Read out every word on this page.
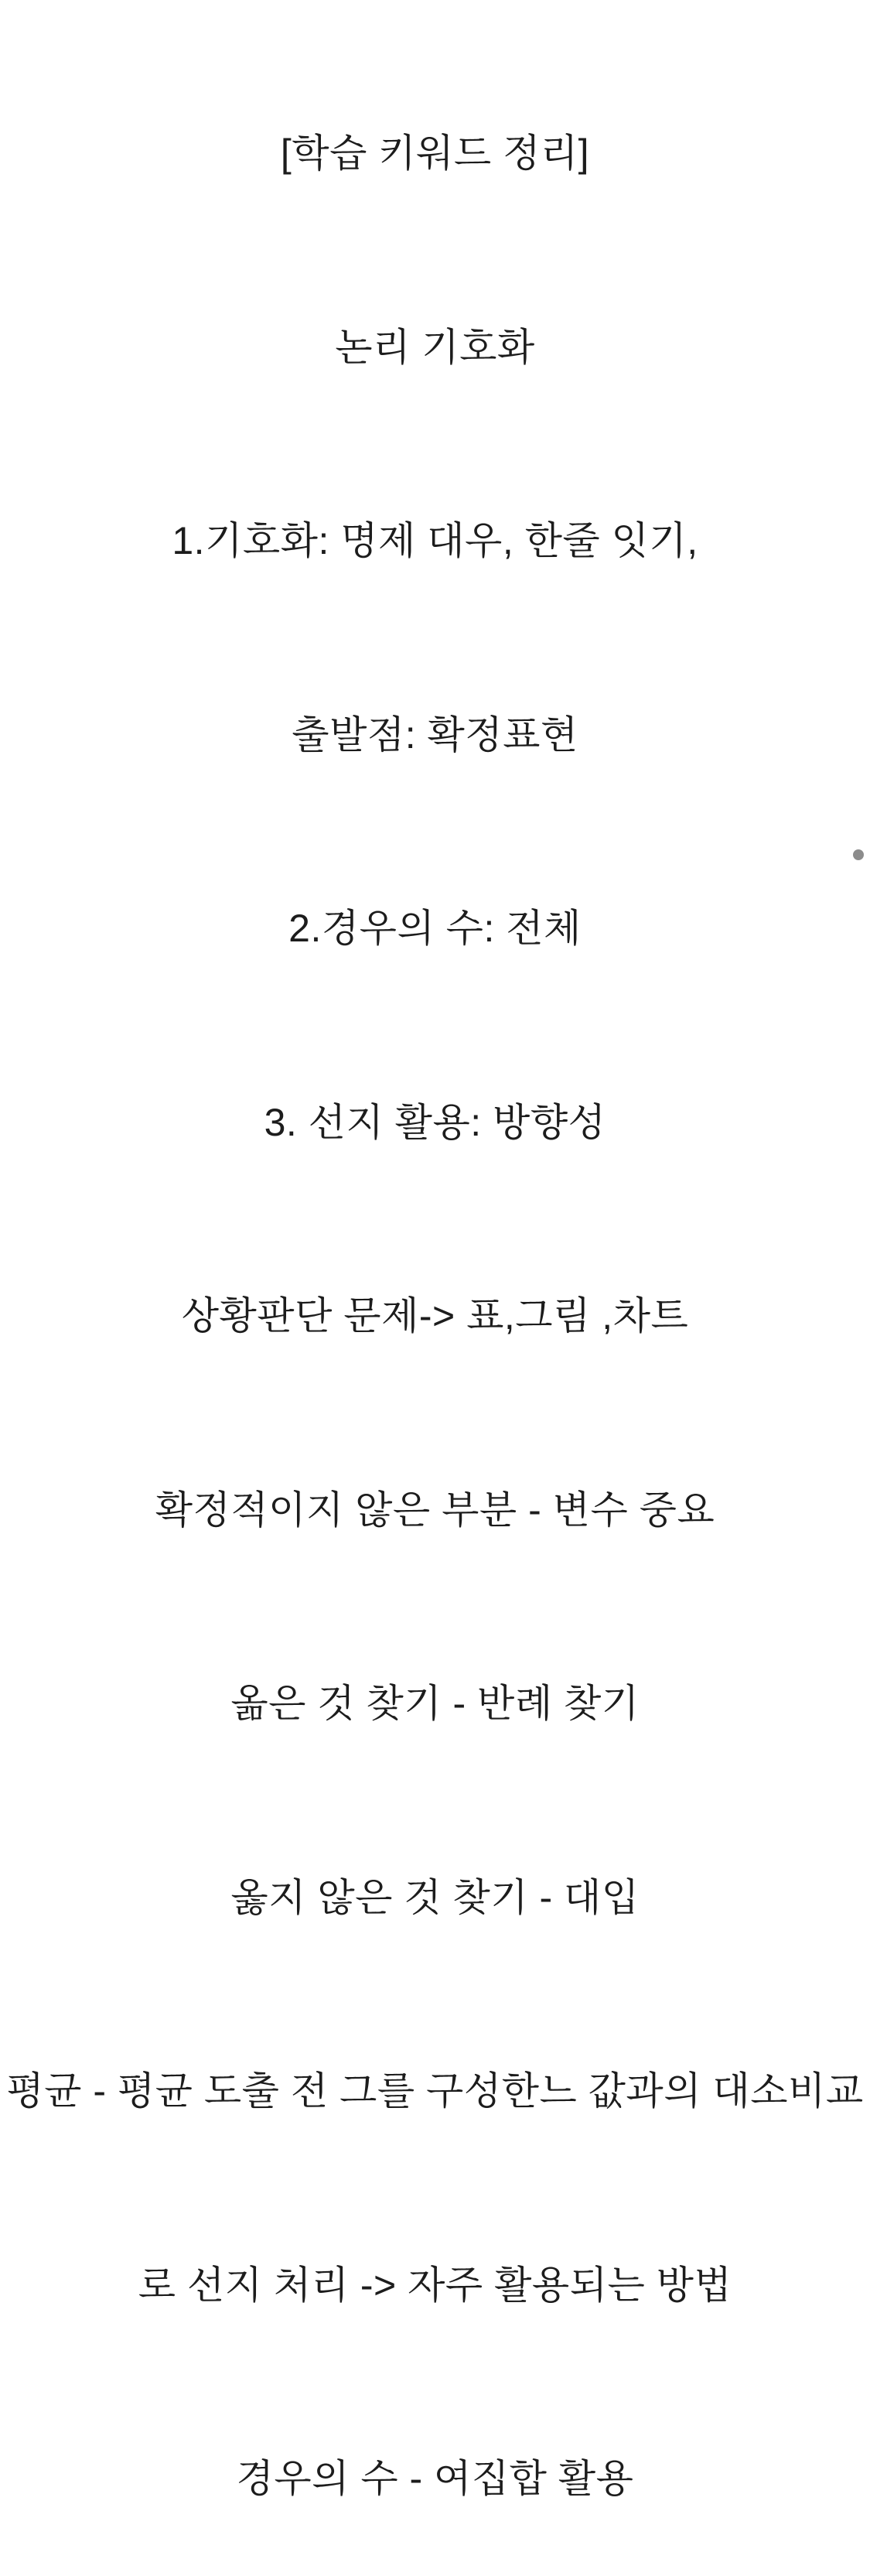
[학습 키워드 정리]

논리 기호화

1.기호화: 명제 대우, 한줄 잇기,

출발점: 확정표현

2.경우의 수: 전체

3. 선지 활용: 방향성

상황판단 문제-> 표,그림 ,차트

확정적이지 않은 부분 - 변수 중요

옮은 것 찾기 - 반례 찾기

옳지 않은 것 찾기 - 대입

평균 - 평균 도출 전 그를 구성한느 값과의 대소비교

로 선지 처리 -> 자주 활용되는 방법

경우의 수 - 여집합 활용
